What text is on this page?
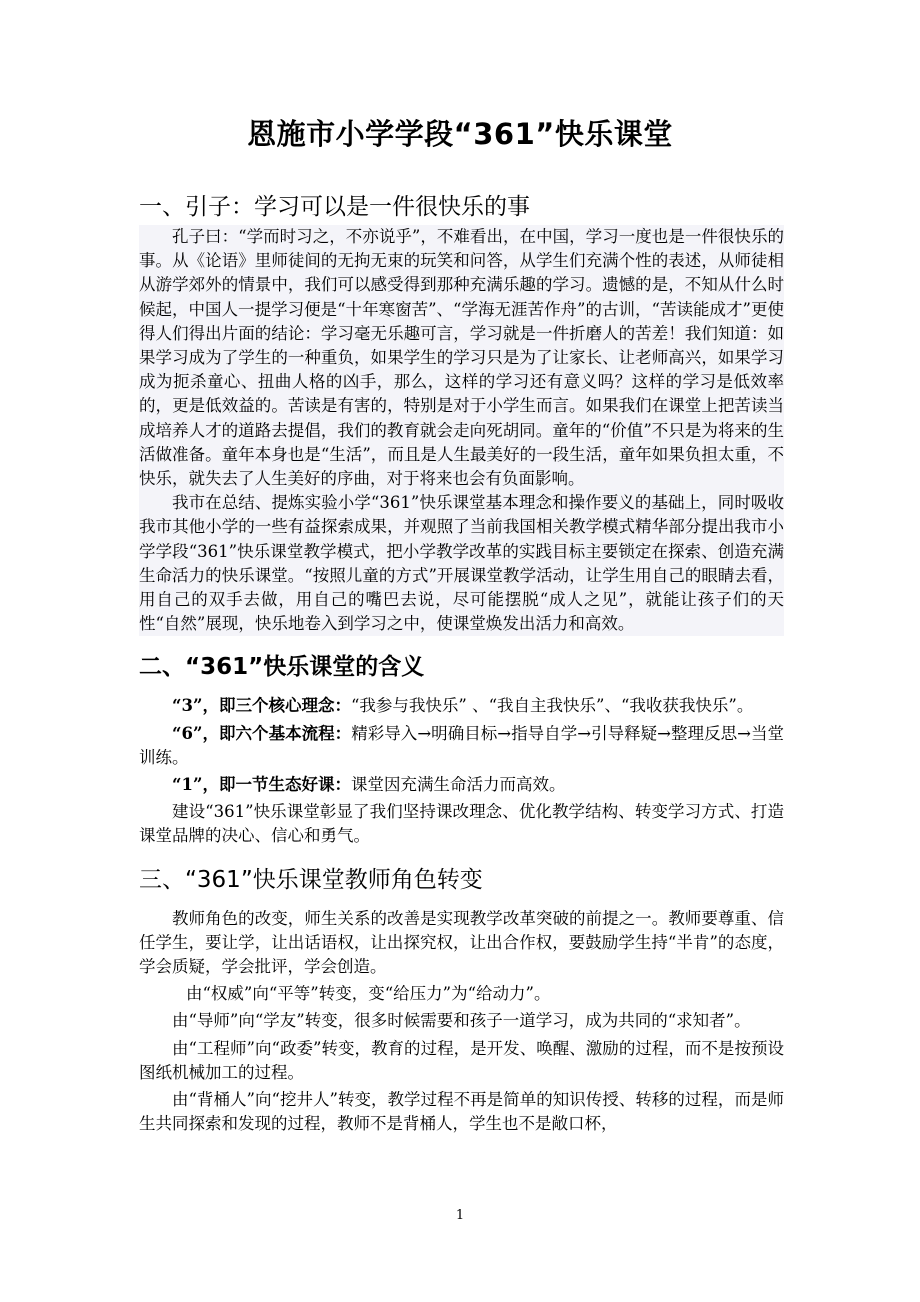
恩施市小学学段“361”快乐课堂
一、引子：学习可以是一件很快乐的事

孔子曰：“学而时习之，不亦说乎”，不难看出，在中国，学习一度也是一件很快乐的事。从《论语》里师徒间的无拘无束的玩笑和问答，从学生们充满个性的表述，从师徒相从游学郊外的情景中，我们可以感受得到那种充满乐趣的学习。遗憾的是，不知从什么时候起，中国人一提学习便是“十年寒窗苦”、“学海无涯苦作舟”的古训，“苦读能成才”更使得人们得出片面的结论：学习毫无乐趣可言，学习就是一件折磨人的苦差！我们知道：如果学习成为了学生的一种重负，如果学生的学习只是为了让家长、让老师高兴，如果学习成为扼杀童心、扭曲人格的凶手，那么，这样的学习还有意义吗？这样的学习是低效率的，更是低效益的。苦读是有害的，特别是对于小学生而言。如果我们在课堂上把苦读当成培养人才的道路去提倡，我们的教育就会走向死胡同。童年的“价值”不只是为将来的生活做准备。童年本身也是“生活”，而且是人生最美好的一段生活，童年如果负担太重，不快乐，就失去了人生美好的序曲，对于将来也会有负面影响。

我市在总结、提炼实验小学“361”快乐课堂基本理念和操作要义的基础上，同时吸收我市其他小学的一些有益探索成果，并观照了当前我国相关教学模式精华部分提出我市小学学段“361”快乐课堂教学模式，把小学教学改革的实践目标主要锁定在探索、创造充满生命活力的快乐课堂。“按照儿童的方式”开展课堂教学活动，让学生用自己的眼睛去看，用自己的双手去做，用自己的嘴巴去说，尽可能摆脱“成人之见”，就能让孩子们的天性“自然”展现，快乐地卷入到学习之中，使课堂焕发出活力和高效。

二、“361”快乐课堂的含义

“3”，即三个核心理念：“我参与我快乐” 、“我自主我快乐”、“我收获我快乐”。

“6”，即六个基本流程：精彩导入→明确目标→指导自学→引导释疑→整理反思→当堂训练。

“1”，即一节生态好课：课堂因充满生命活力而高效。

建设“361”快乐课堂彰显了我们坚持课改理念、优化教学结构、转变学习方式、打造课堂品牌的决心、信心和勇气。

三、“361”快乐课堂教师角色转变

教师角色的改变，师生关系的改善是实现教学改革突破的前提之一。教师要尊重、信任学生，要让学，让出话语权，让出探究权，让出合作权，要鼓励学生持“半肯”的态度，学会质疑，学会批评，学会创造。

由“权威”向“平等”转变，变“给压力”为“给动力”。

由“导师”向“学友”转变，很多时候需要和孩子一道学习，成为共同的“求知者”。

由“工程师”向“政委”转变，教育的过程，是开发、唤醒、激励的过程，而不是按预设图纸机械加工的过程。

由“背桶人”向“挖井人”转变，教学过程不再是简单的知识传授、转移的过程，而是师生共同探索和发现的过程，教师不是背桶人，学生也不是敞口杯，

1
